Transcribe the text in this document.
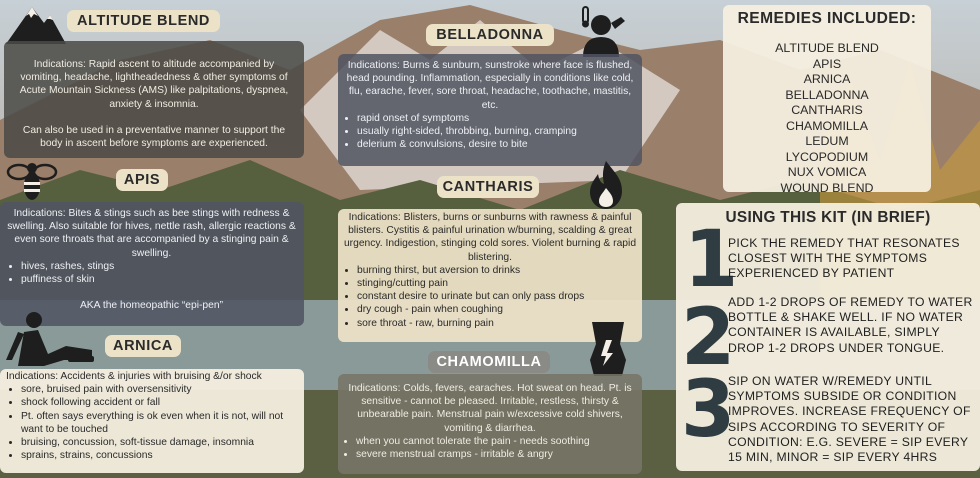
ALTITUDE BLEND
Indications: Rapid ascent to altitude accompanied by vomiting, headache, lightheadedness & other symptoms of Acute Mountain Sickness (AMS) like palpitations, dyspnea, anxiety & insomnia.
Can also be used in a preventative manner to support the body in ascent before symptoms are experienced.
APIS
Indications: Bites & stings such as bee stings with redness & swelling. Also suitable for hives, nettle rash, allergic reactions & even sore throats that are accompanied by a stinging pain & swelling.
• hives, rashes, stings
• puffiness of skin
AKA the homeopathic “epi-pen”
ARNICA
Indications: Accidents & injuries with bruising &/or shock
• sore, bruised pain with oversensitivity
• shock following accident or fall
• Pt. often says everything is ok even when it is not, will not want to be touched
• bruising, concussion, soft-tissue damage, insomnia
• sprains, strains, concussions
BELLADONNA
Indications: Burns & sunburn, sunstroke where face is flushed, head pounding. Inflammation, especially in conditions like cold, flu, earache, fever, sore throat, headache, toothache, mastitis, etc.
• rapid onset of symptoms
• usually right-sided, throbbing, burning, cramping
• delerium & convulsions, desire to bite
CANTHARIS
Indications: Blisters, burns or sunburns with rawness & painful blisters. Cystitis & painful urination w/burning, scalding & great urgency. Indigestion, stinging cold sores. Violent burning & rapid blistering.
• burning thirst, but aversion to drinks
• stinging/cutting pain
• constant desire to urinate but can only pass drops
• dry cough - pain when coughing
• sore throat - raw, burning pain
CHAMOMILLA
Indications: Colds, fevers, earaches. Hot sweat on head. Pt. is sensitive - cannot be pleased. Irritable, restless, thirsty & unbearable pain. Menstrual pain w/excessive cold shivers, vomiting & diarrhea.
• when you cannot tolerate the pain - needs soothing
• severe menstrual cramps - irritable & angry
REMEDIES INCLUDED:
ALTITUDE BLEND
APIS
ARNICA
BELLADONNA
CANTHARIS
CHAMOMILLA
LEDUM
LYCOPODIUM
NUX VOMICA
WOUND BLEND
USING THIS KIT (IN BRIEF)
1
PICK THE REMEDY THAT RESONATES CLOSEST WITH THE SYMPTOMS EXPERIENCED BY PATIENT
2
ADD 1-2 DROPS OF REMEDY TO WATER BOTTLE & SHAKE WELL. IF NO WATER CONTAINER IS AVAILABLE, SIMPLY DROP 1-2 DROPS UNDER TONGUE.
3
SIP ON WATER W/REMEDY UNTIL SYMPTOMS SUBSIDE OR CONDITION IMPROVES. INCREASE FREQUENCY OF SIPS ACCORDING TO SEVERITY OF CONDITION: E.G. SEVERE = SIP EVERY 15 MIN, MINOR = SIP EVERY 4HRS
